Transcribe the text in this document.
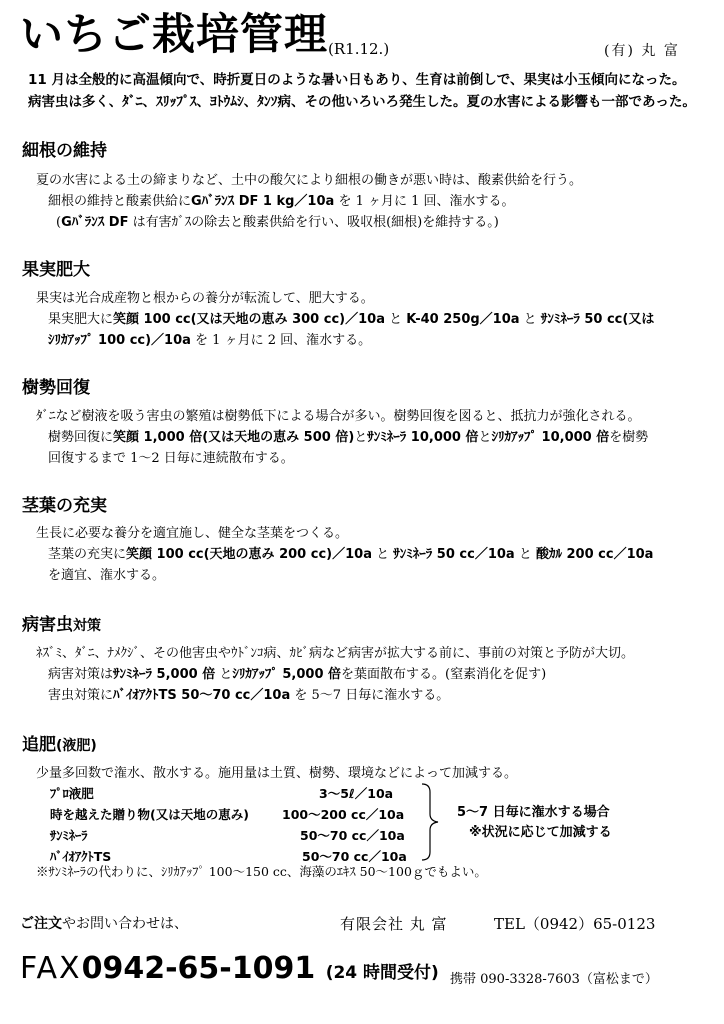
いちご栽培管理 (R1.12.)	(有) 丸 富
11 月は全般的に高温傾向で、時折夏日のような暑い日もあり、生育は前倒しで、果実は小玉傾向になった。
病害虫は多く、ﾀﾞﾆ、ｽﾘｯﾌﾟｽ、ﾖﾄｳﾑｼ、ﾀﾝｿ病、その他いろいろ発生した。夏の水害による影響も一部であった。
細根の維持
夏の水害による土の締まりなど、土中の酸欠により細根の働きが悪い時は、酸素供給を行う。
細根の維持と酸素供給にGﾊﾞﾗﾝｽ DF 1 kg／10a を 1 ヶ月に 1 回、潅水する。
(Gﾊﾞﾗﾝｽ DF は有害ｶﾞｽの除去と酸素供給を行い、吸収根(細根)を維持する。)
果実肥大
果実は光合成産物と根からの養分が転流して、肥大する。
果実肥大に笑顔 100 cc(又は天地の恵み 300 cc)／10a と K-40 250g／10a と ｻﾝﾐﾈｰﾗ 50 cc(又は
ｼﾘｶｱｯﾌﾟ 100 cc)／10a を 1 ヶ月に 2 回、潅水する。
樹勢回復
ﾀﾞﾆなど樹液を吸う害虫の繁殖は樹勢低下による場合が多い。樹勢回復を図ると、抵抗力が強化される。
樹勢回復に笑顔 1,000 倍(又は天地の恵み 500 倍)とｻﾝﾐﾈｰﾗ 10,000 倍とｼﾘｶｱｯﾌﾟ 10,000 倍を樹勢
回復するまで 1～2 日毎に連続散布する。
茎葉の充実
生長に必要な養分を適宜施し、健全な茎葉をつくる。
茎葉の充実に笑顔 100 cc(天地の恵み 200 cc)／10a と ｻﾝﾐﾈｰﾗ 50 cc／10a と 酸ｶﾙ 200 cc／10a
を適宜、潅水する。
病害虫対策
ﾈｽﾞﾐ、ﾀﾞﾆ、ﾅﾒｸｼﾞ、その他害虫やｳﾄﾞﾝｺ病、ｶﾋﾞ病など病害が拡大する前に、事前の対策と予防が大切。
病害対策はｻﾝﾐﾈｰﾗ 5,000 倍 とｼﾘｶｱｯﾌﾟ 5,000 倍を葉面散布する。(窒素消化を促す)
害虫対策にﾊﾞｲｵｱｸﾄTS 50～70 cc／10a を 5～7 日毎に潅水する。
追肥(液肥)
少量多回数で潅水、散水する。施用量は土質、樹勢、環境などによって加減する。
ﾌﾟﾛ液肥	3～5ℓ／10a
時を越えた贈り物(又は天地の恵み)	100～200 cc／10a
ｻﾝﾐﾈｰﾗ	50～70 cc／10a
ﾊﾞｲｵｱｸﾄTS	50～70 cc／10a
5～7 日毎に潅水する場合
※状況に応じて加減する
※ｻﾝﾐﾈｰﾗの代わりに、ｼﾘｶｱｯﾌﾟ 100～150 cc、海藻のｴｷｽ 50～100ｇでもよい。
ご注文やお問い合わせは、	有限会社 丸 富	TEL（0942）65-0123
FAX0942-65-1091 (24 時間受付) 携帯 090-3328-7603（富松まで）
